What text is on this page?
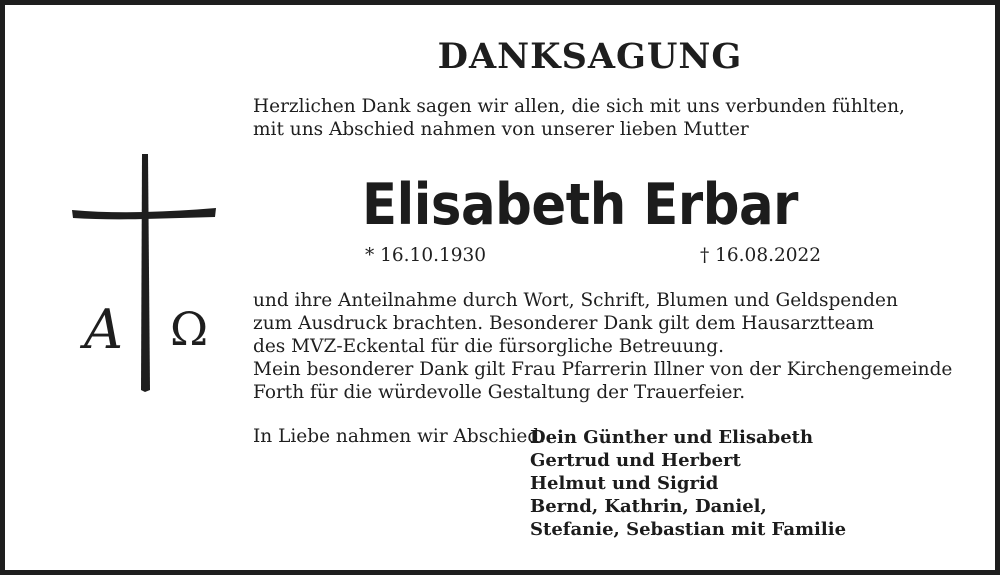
DANKSAGUNG
Herzlichen Dank sagen wir allen, die sich mit uns verbunden fühlten,
mit uns Abschied nahmen von unserer lieben Mutter
A Ω
Elisabeth Erbar
* 16.10.1930	† 16.08.2022
und ihre Anteilnahme durch Wort, Schrift, Blumen und Geldspenden
zum Ausdruck brachten. Besonderer Dank gilt dem Hausarztteam
des MVZ-Eckental für die fürsorgliche Betreuung.
Mein besonderer Dank gilt Frau Pfarrerin Illner von der Kirchengemeinde
Forth für die würdevolle Gestaltung der Trauerfeier.
In Liebe nahmen wir Abschied:
Dein Günther und Elisabeth
Gertrud und Herbert
Helmut und Sigrid
Bernd, Kathrin, Daniel,
Stefanie, Sebastian mit Familie
